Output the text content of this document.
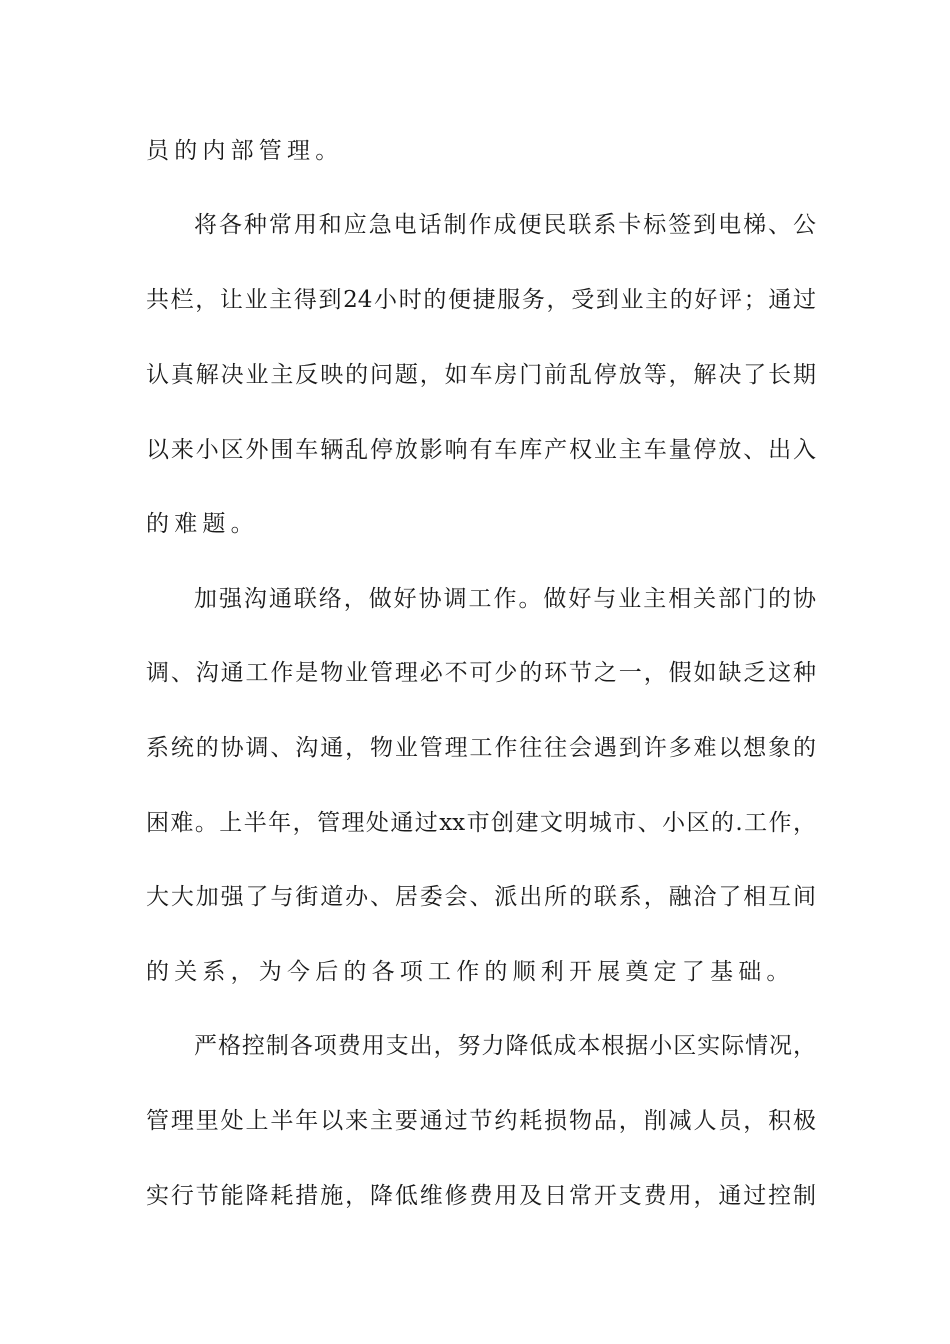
员的内部管理。
将各种常用和应急电话制作成便民联系卡标签到电梯、公
共栏，让业主得到24小时的便捷服务，受到业主的好评；通过
认真解决业主反映的问题，如车房门前乱停放等，解决了长期
以来小区外围车辆乱停放影响有车库产权业主车量停放、出入
的难题。
加强沟通联络，做好协调工作。做好与业主相关部门的协
调、沟通工作是物业管理必不可少的环节之一，假如缺乏这种
系统的协调、沟通，物业管理工作往往会遇到许多难以想象的
困难。上半年，管理处通过xx市创建文明城市、小区的.工作，
大大加强了与街道办、居委会、派出所的联系，融洽了相互间
的关系，为今后的各项工作的顺利开展奠定了基础。
严格控制各项费用支出，努力降低成本根据小区实际情况，
管理里处上半年以来主要通过节约耗损物品，削减人员，积极
实行节能降耗措施，降低维修费用及日常开支费用，通过控制
